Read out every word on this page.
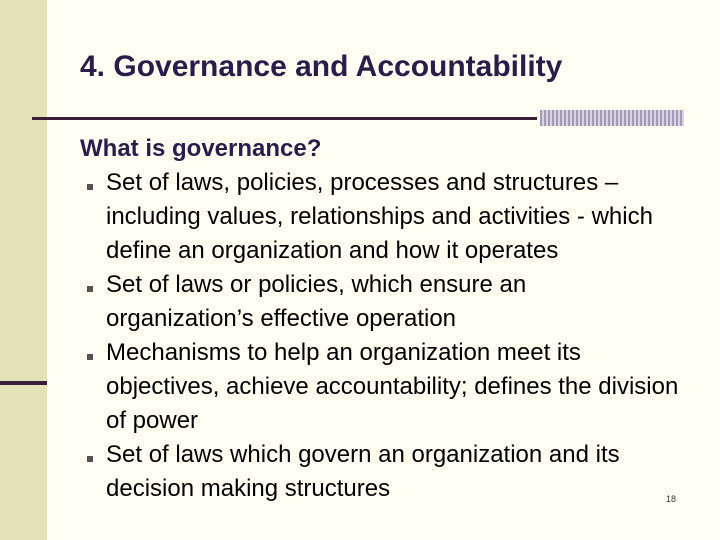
4. Governance and Accountability

What is governance?

Set of laws, policies, processes and structures – including values, relationships and activities - which define an organization and how it operates
Set of laws or policies, which ensure an organization’s effective operation
Mechanisms to help an organization meet its objectives, achieve accountability; defines the division of power
Set of laws which govern an organization and its decision making structures	18
